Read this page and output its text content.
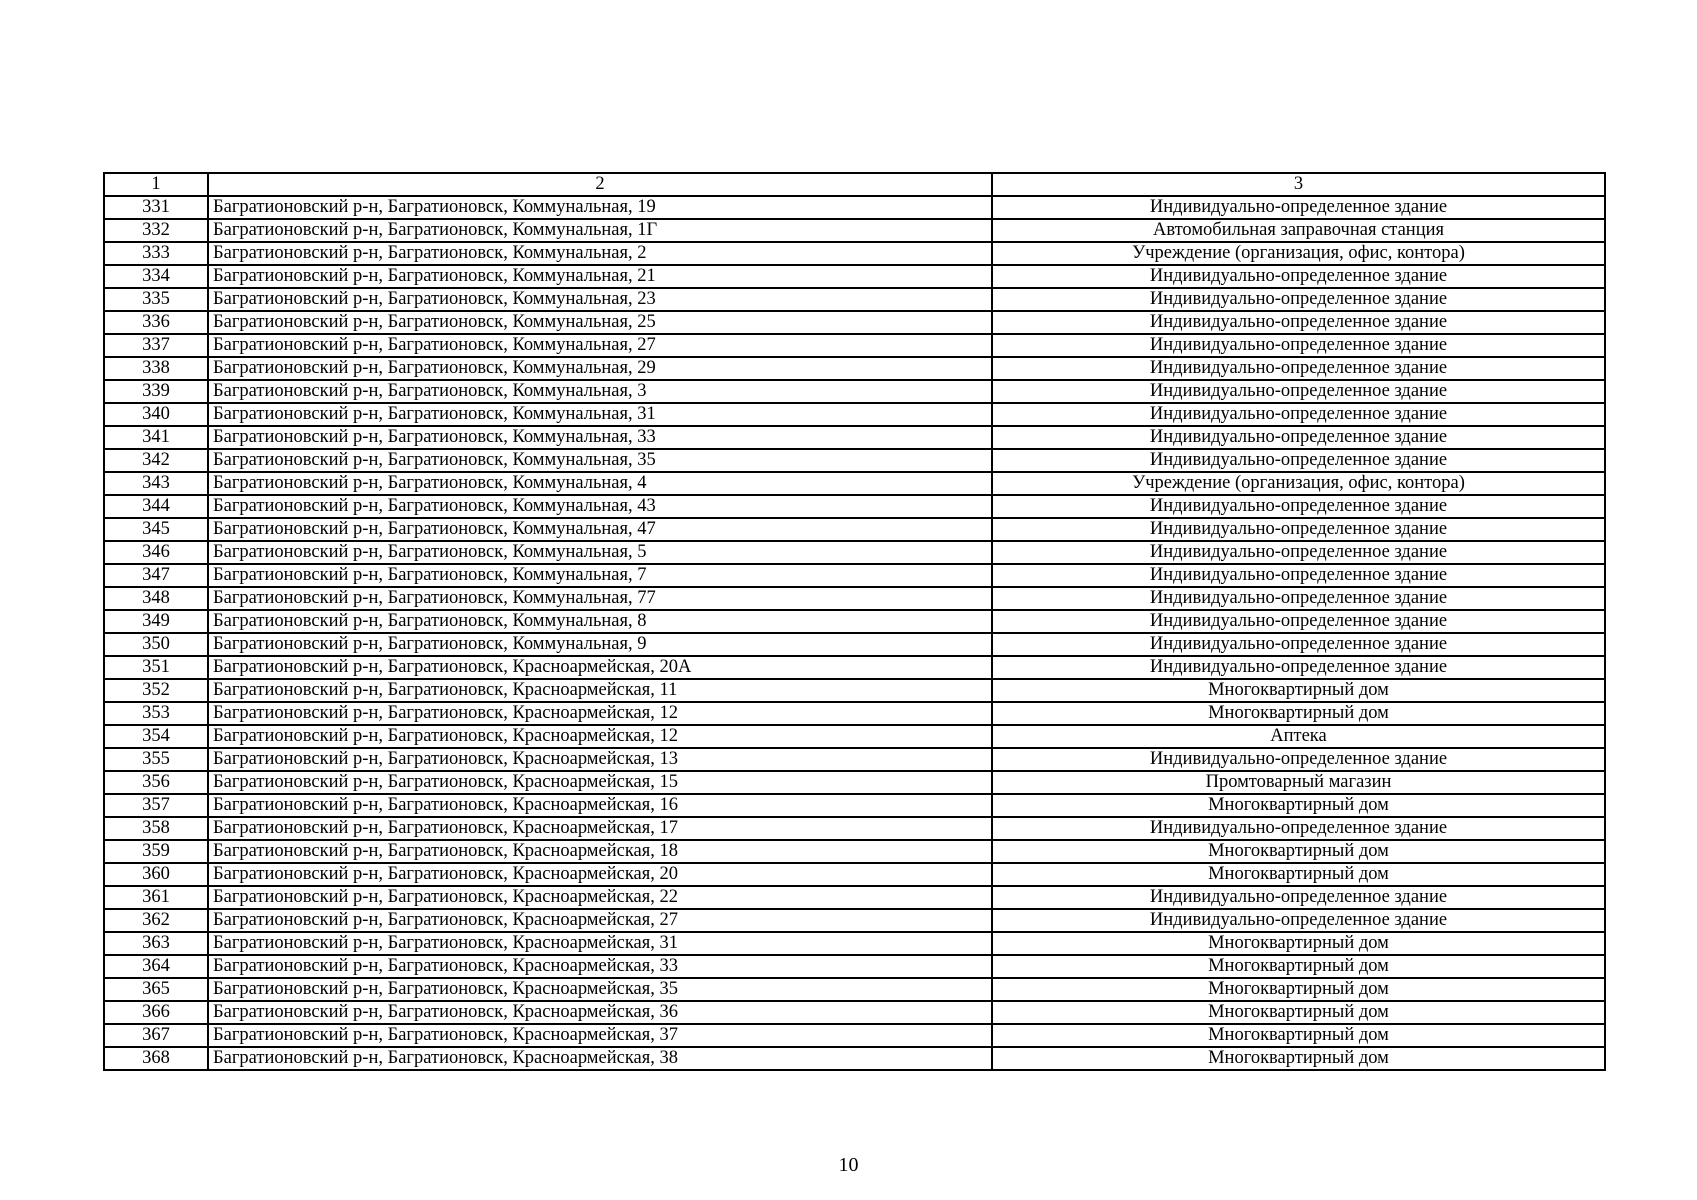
1	2	3
331	Багратионовский р-н, Багратионовск, Коммунальная, 19	Индивидуально-определенное здание
332	Багратионовский р-н, Багратионовск, Коммунальная, 1Г	Автомобильная заправочная станция
333	Багратионовский р-н, Багратионовск, Коммунальная, 2	Учреждение (организация, офис, контора)
334	Багратионовский р-н, Багратионовск, Коммунальная, 21	Индивидуально-определенное здание
335	Багратионовский р-н, Багратионовск, Коммунальная, 23	Индивидуально-определенное здание
336	Багратионовский р-н, Багратионовск, Коммунальная, 25	Индивидуально-определенное здание
337	Багратионовский р-н, Багратионовск, Коммунальная, 27	Индивидуально-определенное здание
338	Багратионовский р-н, Багратионовск, Коммунальная, 29	Индивидуально-определенное здание
339	Багратионовский р-н, Багратионовск, Коммунальная, 3	Индивидуально-определенное здание
340	Багратионовский р-н, Багратионовск, Коммунальная, 31	Индивидуально-определенное здание
341	Багратионовский р-н, Багратионовск, Коммунальная, 33	Индивидуально-определенное здание
342	Багратионовский р-н, Багратионовск, Коммунальная, 35	Индивидуально-определенное здание
343	Багратионовский р-н, Багратионовск, Коммунальная, 4	Учреждение (организация, офис, контора)
344	Багратионовский р-н, Багратионовск, Коммунальная, 43	Индивидуально-определенное здание
345	Багратионовский р-н, Багратионовск, Коммунальная, 47	Индивидуально-определенное здание
346	Багратионовский р-н, Багратионовск, Коммунальная, 5	Индивидуально-определенное здание
347	Багратионовский р-н, Багратионовск, Коммунальная, 7	Индивидуально-определенное здание
348	Багратионовский р-н, Багратионовск, Коммунальная, 77	Индивидуально-определенное здание
349	Багратионовский р-н, Багратионовск, Коммунальная, 8	Индивидуально-определенное здание
350	Багратионовский р-н, Багратионовск, Коммунальная, 9	Индивидуально-определенное здание
351	Багратионовский р-н, Багратионовск, Красноармейская, 20А	Индивидуально-определенное здание
352	Багратионовский р-н, Багратионовск, Красноармейская, 11	Многоквартирный дом
353	Багратионовский р-н, Багратионовск, Красноармейская, 12	Многоквартирный дом
354	Багратионовский р-н, Багратионовск, Красноармейская, 12	Аптека
355	Багратионовский р-н, Багратионовск, Красноармейская, 13	Индивидуально-определенное здание
356	Багратионовский р-н, Багратионовск, Красноармейская, 15	Промтоварный магазин
357	Багратионовский р-н, Багратионовск, Красноармейская, 16	Многоквартирный дом
358	Багратионовский р-н, Багратионовск, Красноармейская, 17	Индивидуально-определенное здание
359	Багратионовский р-н, Багратионовск, Красноармейская, 18	Многоквартирный дом
360	Багратионовский р-н, Багратионовск, Красноармейская, 20	Многоквартирный дом
361	Багратионовский р-н, Багратионовск, Красноармейская, 22	Индивидуально-определенное здание
362	Багратионовский р-н, Багратионовск, Красноармейская, 27	Индивидуально-определенное здание
363	Багратионовский р-н, Багратионовск, Красноармейская, 31	Многоквартирный дом
364	Багратионовский р-н, Багратионовск, Красноармейская, 33	Многоквартирный дом
365	Багратионовский р-н, Багратионовск, Красноармейская, 35	Многоквартирный дом
366	Багратионовский р-н, Багратионовск, Красноармейская, 36	Многоквартирный дом
367	Багратионовский р-н, Багратионовск, Красноармейская, 37	Многоквартирный дом
368	Багратионовский р-н, Багратионовск, Красноармейская, 38	Многоквартирный дом
10
